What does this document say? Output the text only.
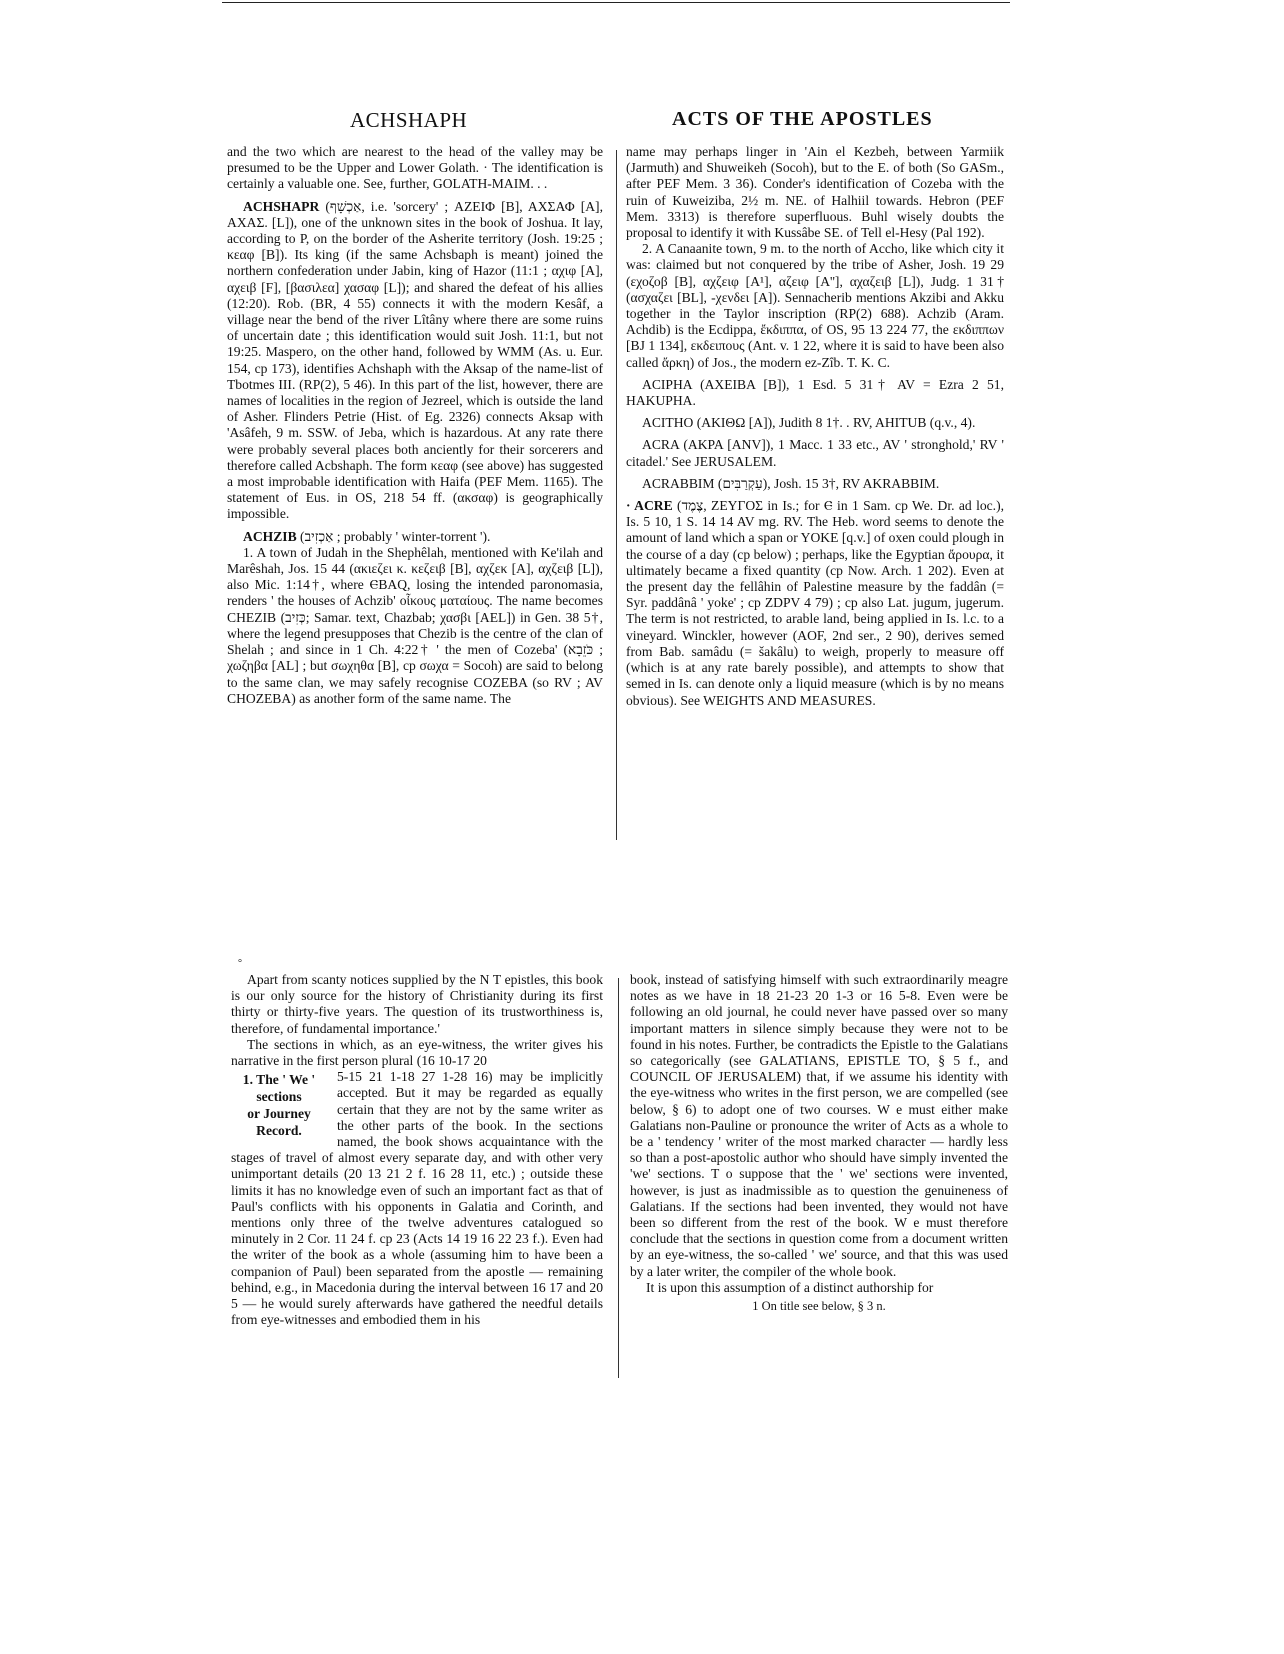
ACHSHAPH	ACTS OF THE APOSTLES

and the two which are nearest to the head of the valley may be presumed to be the Upper and Lower Golath. · The identification is certainly a valuable one. See, further, GOLATH-MAIM. . .

ACHSHAPR (אַכְשָׁף, i.e. 'sorcery' ; ΑΖΕΙΦ [B], ΑΧΣΑΦ [A], ΑΧΑΣ. [L]), one of the unknown sites in the book of Joshua. It lay, according to P, on the border of the Asherite territory (Josh. 19:25 ; κεαφ [B]). Its king (if the same Achsbaph is meant) joined the northern confederation under Jabin, king of Hazor (11:1 ; αχιφ [A], αχειβ [F], [βασιλεα] χασαφ [L]); and shared the defeat of his allies (12:20). Rob. (BR, 4 55) connects it with the modern Kesâf, a village near the bend of the river Lîtâny where there are some ruins of uncertain date ; this identification would suit Josh. 11:1, but not 19:25. Maspero, on the other hand, followed by WMM (As. u. Eur. 154, cp 173), identifies Achshaph with the Aksap of the name-list of Tbotmes III. (RP(2), 5 46). In this part of the list, however, there are names of localities in the region of Jezreel, which is outside the land of Asher. Flinders Petrie (Hist. of Eg. 2326) connects Aksap with 'Asâfeh, 9 m. SSW. of Jeba, which is hazardous. At any rate there were probably several places both anciently for their sorcerers and therefore called Acbshaph. The form κεαφ (see above) has suggested a most improbable identification with Haifa (PEF Mem. 1165). The statement of Eus. in OS, 218 54 ff. (ακσαφ) is geographically impossible.

ACHZIB (אַכְזִיב ; probably ' winter-torrent ').

1. A town of Judah in the Shephêlah, mentioned with Ke'ilah and Marêshah, Jos. 15 44 (ακιεζει κ. κεζειβ [B], αχζεκ [A], αχζειβ [L]), also Mic. 1:14†, where ⲈBAQ, losing the intended paronomasia, renders ' the houses of Achzib' οἶκους ματαίους. The name becomes CHEZIB (כְּזִיב; Samar. text, Chazbab; χασβι [AEL]) in Gen. 38 5†, where the legend presupposes that Chezib is the centre of the clan of Shelah ; and since in 1 Ch. 4:22† ' the men of Cozeba' (כֹּזֵבָא ; χωζηβα [AL] ; but σωχηθα [B], cp σωχα = Socoh) are said to belong to the same clan, we may safely recognise COZEBA (so RV ; AV CHOZEBA) as another form of the same name. The

name may perhaps linger in 'Ain el Kezbeh, between Yarmiik (Jarmuth) and Shuweikeh (Socoh), but to the E. of both (So GASm., after PEF Mem. 3 36). Conder's identification of Cozeba with the ruin of Kuweiziba, 2½ m. NE. of Halhiil towards. Hebron (PEF Mem. 3313) is therefore superfluous. Buhl wisely doubts the proposal to identify it with Kussâbe SE. of Tell el-Hesy (Pal 192).

2. A Canaanite town, 9 m. to the north of Accho, like which city it was: claimed but not conquered by the tribe of Asher, Josh. 19 29 (εχοζοβ [B], αχζειφ [A¹], αζειφ [A''], αχαζειβ [L]), Judg. 1 31† (ασχαζει [BL], -χενδει [A]). Sennacherib mentions Akzibi and Akku together in the Taylor inscription (RP(2) 688). Achzib (Aram. Achdib) is the Ecdippa, ἔκδιππα, of OS, 95 13 224 77, the εκδιππων [BJ 1 134], εκδειπους (Ant. v. 1 22, where it is said to have been also called ἄρκη) of Jos., the modern ez-Zîb. T. K. C.

ACIPHA (ΑΧΕΙΒΑ [B]), 1 Esd. 5 31† AV = Ezra 2 51, HAKUPHA.

ACITHO (ΑΚΙΘΩ [A]), Judith 8 1†. . RV, AHITUB (q.v., 4).

ACRA (ΑΚΡΑ [ANV]), 1 Macc. 1 33 etc., AV ' stronghold,' RV ' citadel.' See JERUSALEM.

ACRABBIM (עַקְרַבִּים), Josh. 15 3†, RV AKRABBIM.

· ACRE (צֶמֶד, ΖΕΥΓΟΣ in Is.; for Ⲉ in 1 Sam. cp We. Dr. ad loc.), Is. 5 10, 1 S. 14 14 AV mg. RV. The Heb. word seems to denote the amount of land which a span or YOKE [q.v.] of oxen could plough in the course of a day (cp below) ; perhaps, like the Egyptian ἄρουρα, it ultimately became a fixed quantity (cp Now. Arch. 1 202). Even at the present day the fellâhin of Palestine measure by the faddân (= Syr. paddânâ ' yoke' ; cp ZDPV 4 79) ; cp also Lat. jugum, jugerum. The term is not restricted, to arable land, being applied in Is. l.c. to a vineyard. Winckler, however (AOF, 2nd ser., 2 90), derives semed from Bab. samâdu (= šakâlu) to weigh, properly to measure off (which is at any rate barely possible), and attempts to show that semed in Is. can denote only a liquid measure (which is by no means obvious). See WEIGHTS AND MEASURES.

°

Apart from scanty notices supplied by the N T epistles, this book is our only source for the history of Christianity during its first thirty or thirty-five years. The question of its trustworthiness is, therefore, of fundamental importance.'

The sections in which, as an eye-witness, the writer gives his narrative in the first person plural (16 10-17 20

1. The ' We '
sections
or Journey
Record.

5-15 21 1-18 27 1-28 16) may be implicitly accepted. But it may be regarded as equally certain that they are not by the same writer as the other parts of the book. In the sections named, the book shows acquaintance with the stages of travel of almost every separate day, and with other very unimportant details (20 13 21 2 f. 16 28 11, etc.) ; outside these limits it has no knowledge even of such an important fact as that of Paul's conflicts with his opponents in Galatia and Corinth, and mentions only three of the twelve adventures catalogued so minutely in 2 Cor. 11 24 f. cp 23 (Acts 14 19 16 22 23 f.). Even had the writer of the book as a whole (assuming him to have been a companion of Paul) been separated from the apostle — remaining behind, e.g., in Macedonia during the interval between 16 17 and 20 5 — he would surely afterwards have gathered the needful details from eye-witnesses and embodied them in his

book, instead of satisfying himself with such extraordinarily meagre notes as we have in 18 21-23 20 1-3 or 16 5-8. Even were be following an old journal, he could never have passed over so many important matters in silence simply because they were not to be found in his notes. Further, be contradicts the Epistle to the Galatians so categorically (see GALATIANS, EPISTLE TO, § 5 f., and COUNCIL OF JERUSALEM) that, if we assume his identity with the eye-witness who writes in the first person, we are compelled (see below, § 6) to adopt one of two courses. W e must either make Galatians non-Pauline or pronounce the writer of Acts as a whole to be a ' tendency ' writer of the most marked character — hardly less so than a post-apostolic author who should have simply invented the 'we' sections. T o suppose that the ' we' sections were invented, however, is just as inadmissible as to question the genuineness of Galatians. If the sections had been invented, they would not have been so different from the rest of the book. W e must therefore conclude that the sections in question come from a document written by an eye-witness, the so-called ' we' source, and that this was used by a later writer, the compiler of the whole book.

It is upon this assumption of a distinct authorship for

1 On title see below, § 3 n.
